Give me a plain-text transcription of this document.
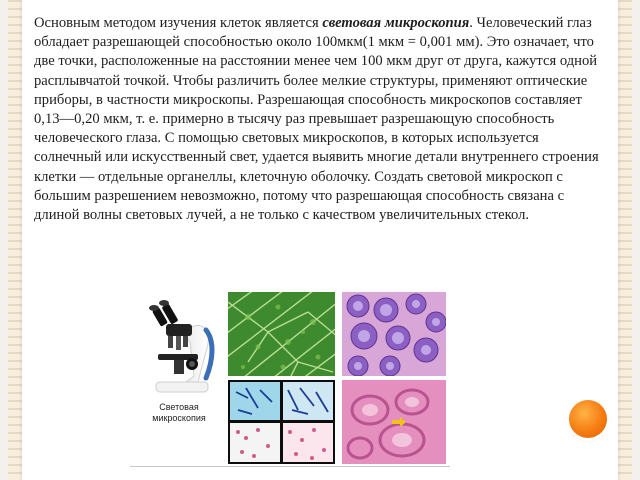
Основным методом изучения клеток является световая микроскопия. Человеческий глаз обладает разрешающей способностью около 100мкм(1 мкм = 0,001 мм). Это означает, что две точки, расположенные на расстоянии менее чем 100 мкм друг от друга, кажутся одной расплывчатой точкой. Чтобы различить более мелкие структуры, применяют оптические приборы, в частности микроскопы. Разрешающая способность микроскопов составляет 0,13—0,20 мкм, т. е. примерно в тысячу раз превышает разрешающую способность человеческого глаза. С помощью световых микроскопов, в которых используется солнечный или искусственный свет, удается выявить многие детали внутреннего строения клетки — отдельные органеллы, клеточную оболочку. Создать световой микроскоп с большим разрешением невозможно, потому что разрешающая способность связана с длиной волны световых лучей, а не только с качеством увеличительных стекол.
Световая микроскопия
